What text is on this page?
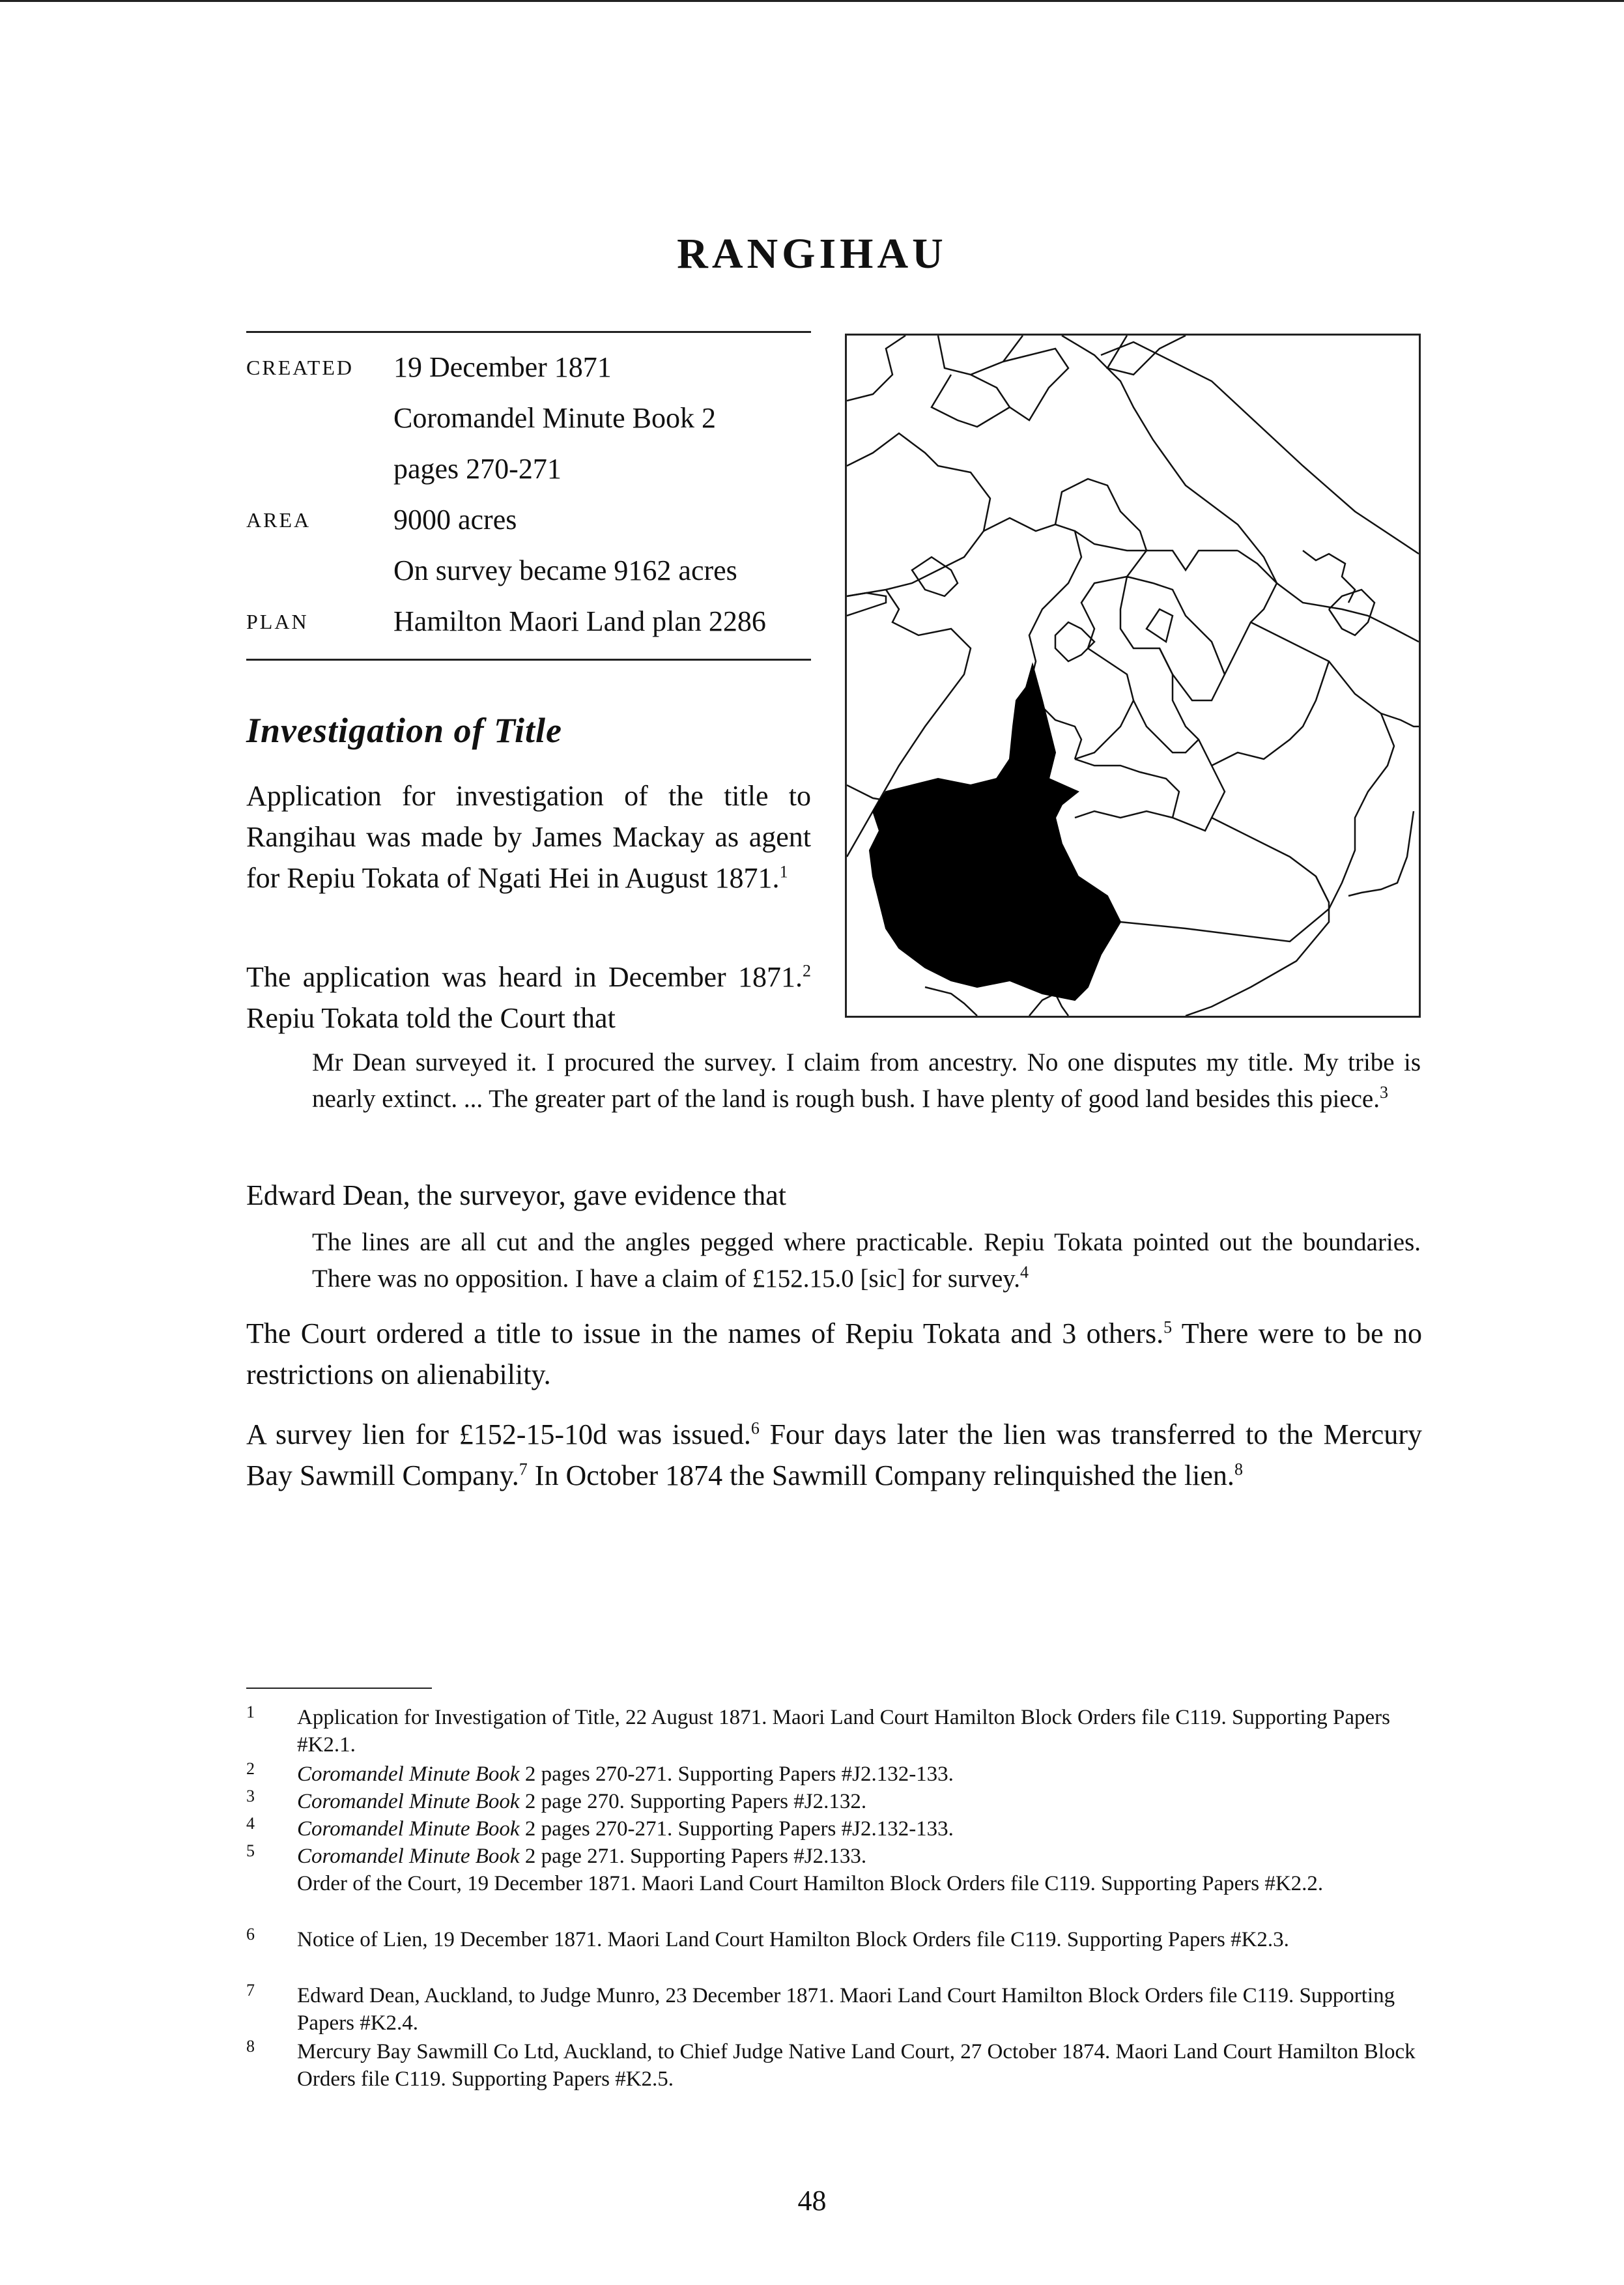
RANGIHAU
CREATED	19 December 1871
	Coromandel Minute Book 2
	pages 270-271
AREA	9000 acres
	On survey became 9162 acres
PLAN	Hamilton Maori Land plan 2286
Investigation of Title
Application for investigation of the title to Rangihau was made by James Mackay as agent for Repiu Tokata of Ngati Hei in August 1871.$^1$
The application was heard in December 1871.$^2$ Repiu Tokata told the Court that
Mr Dean surveyed it. I procured the survey. I claim from ancestry. No one disputes my title. My tribe is nearly extinct. ... The greater part of the land is rough bush. I have plenty of good land besides this piece.$^3$
Edward Dean, the surveyor, gave evidence that
The lines are all cut and the angles pegged where practicable. Repiu Tokata pointed out the boundaries. There was no opposition. I have a claim of £152.15.0 [sic] for survey.$^4$
The Court ordered a title to issue in the names of Repiu Tokata and 3 others.$^5$ There were to be no restrictions on alienability.
A survey lien for £152-15-10d was issued.$^6$ Four days later the lien was transferred to the Mercury Bay Sawmill Company.$^7$ In October 1874 the Sawmill Company relinquished the lien.$^8$
1 Application for Investigation of Title, 22 August 1871. Maori Land Court Hamilton Block Orders file C119. Supporting Papers #K2.1.
2 Coromandel Minute Book 2 pages 270-271. Supporting Papers #J2.132-133.
3 Coromandel Minute Book 2 page 270. Supporting Papers #J2.132.
4 Coromandel Minute Book 2 pages 270-271. Supporting Papers #J2.132-133.
5 Coromandel Minute Book 2 page 271. Supporting Papers #J2.133.
Order of the Court, 19 December 1871. Maori Land Court Hamilton Block Orders file C119. Supporting Papers #K2.2.
6 Notice of Lien, 19 December 1871. Maori Land Court Hamilton Block Orders file C119. Supporting Papers #K2.3.
7 Edward Dean, Auckland, to Judge Munro, 23 December 1871. Maori Land Court Hamilton Block Orders file C119. Supporting Papers #K2.4.
8 Mercury Bay Sawmill Co Ltd, Auckland, to Chief Judge Native Land Court, 27 October 1874. Maori Land Court Hamilton Block Orders file C119. Supporting Papers #K2.5.
48
